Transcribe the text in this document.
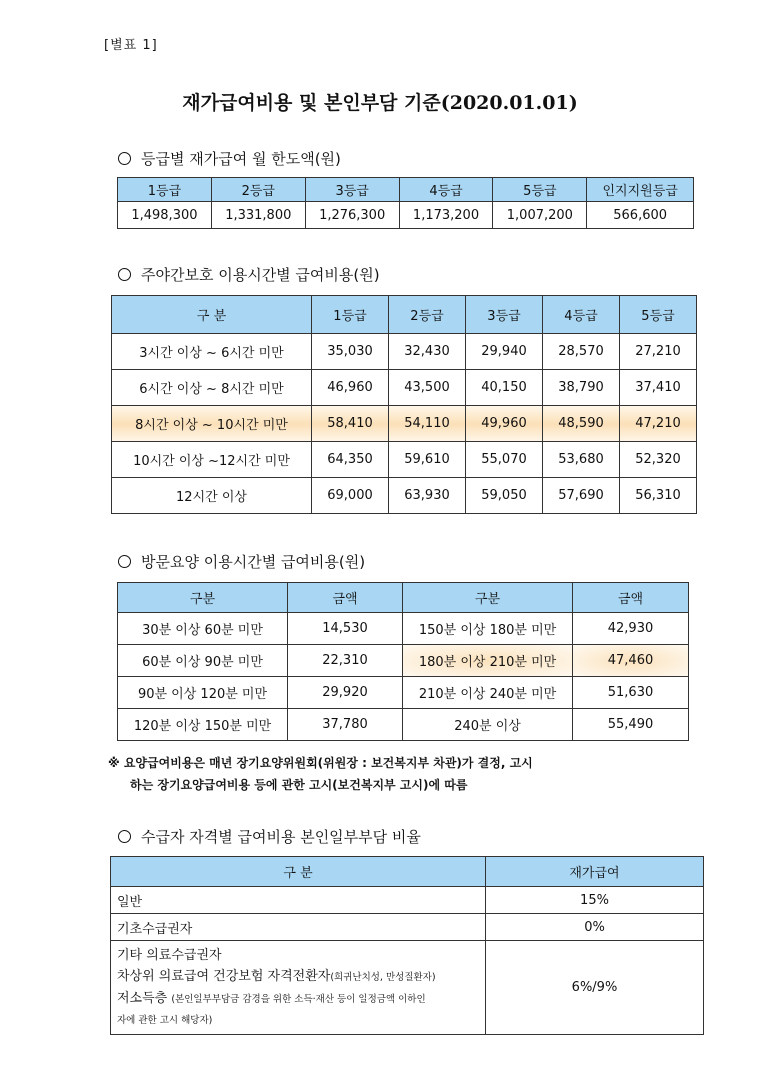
[별표 1]
재가급여비용 및 본인부담 기준(2020.01.01)
등급별 재가급여 월 한도액(원)
1등급	2등급	3등급	4등급	5등급	인지지원등급
1,498,300	1,331,800	1,276,300	1,173,200	1,007,200	566,600
주야간보호 이용시간별 급여비용(원)
구 분	1등급	2등급	3등급	4등급	5등급
3시간 이상 ~ 6시간 미만	35,030	32,430	29,940	28,570	27,210
6시간 이상 ~ 8시간 미만	46,960	43,500	40,150	38,790	37,410
8시간 이상 ~ 10시간 미만	58,410	54,110	49,960	48,590	47,210
10시간 이상 ~12시간 미만	64,350	59,610	55,070	53,680	52,320
12시간 이상	69,000	63,930	59,050	57,690	56,310
방문요양 이용시간별 급여비용(원)
구분	금액	구분	금액
30분 이상 60분 미만	14,530	150분 이상 180분 미만	42,930
60분 이상 90분 미만	22,310	180분 이상 210분 미만	47,460
90분 이상 120분 미만	29,920	210분 이상 240분 미만	51,630
120분 이상 150분 미만	37,780	240분 이상	55,490
※ 요양급여비용은 매년 장기요양위원회(위원장 : 보건복지부 차관)가 결정, 고시
하는 장기요양급여비용 등에 관한 고시(보건복지부 고시)에 따름
수급자 자격별 급여비용 본인일부부담 비율
구 분	재가급여
일반	15%
기초수급권자	0%

기타 의료수급권자
차상위 의료급여 건강보험 자격전환자(희귀난치성, 만성질환자)
저소득층 (본인일부부담금 감경을 위한 소득·재산 등이 일정금액 이하인
자에 관한 고시 해당자)	6%/9%
